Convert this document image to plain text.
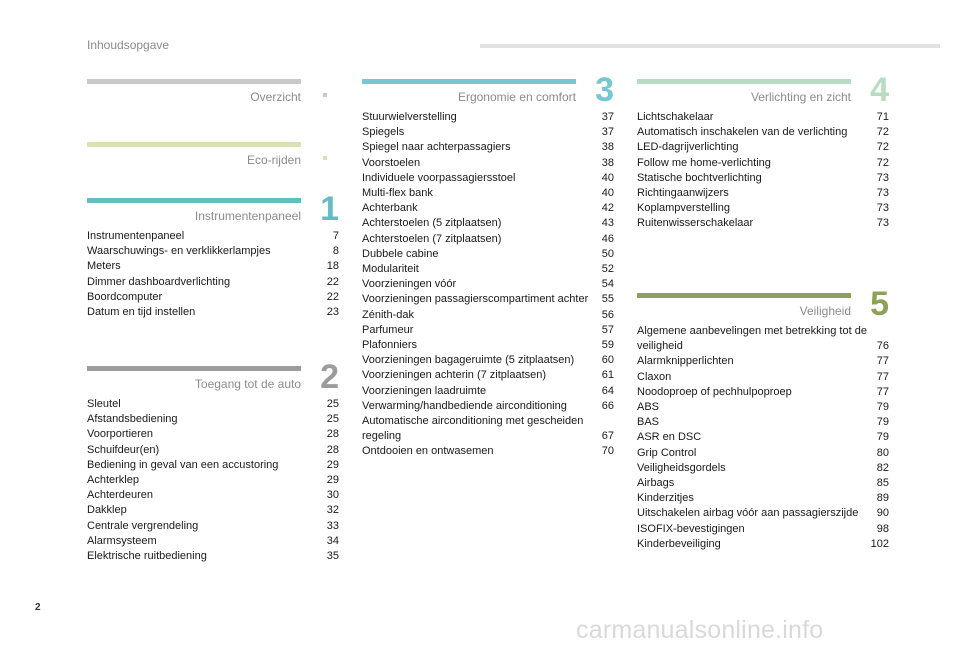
Inhoudsopgave
Overzicht
Eco-rijden
Instrumentenpaneel 1
Instrumentenpaneel	7
Waarschuwings- en verklikkerlampjes	8
Meters	18
Dimmer dashboardverlichting	22
Boordcomputer	22
Datum en tijd instellen	23
Toegang tot de auto 2
Sleutel	25
Afstandsbediening	25
Voorportieren	28
Schuifdeur(en)	28
Bediening in geval van een accustoring	29
Achterklep	29
Achterdeuren	30
Dakklep	32
Centrale vergrendeling	33
Alarmsysteem	34
Elektrische ruitbediening	35
Ergonomie en comfort 3
Stuurwielverstelling	37
Spiegels	37
Spiegel naar achterpassagiers	38
Voorstoelen	38
Individuele voorpassagiersstoel	40
Multi-flex bank	40
Achterbank	42
Achterstoelen (5 zitplaatsen)	43
Achterstoelen (7 zitplaatsen)	46
Dubbele cabine	50
Modulariteit	52
Voorzieningen vóór	54
Voorzieningen passagierscompartiment achter	55
Zénith-dak	56
Parfumeur	57
Plafonniers	59
Voorzieningen bagageruimte (5 zitplaatsen)	60
Voorzieningen achterin (7 zitplaatsen)	61
Voorzieningen laadruimte	64
Verwarming/handbediende airconditioning	66
Automatische airconditioning met gescheiden regeling	67
Ontdooien en ontwasemen	70
Verlichting en zicht 4
Lichtschakelaar	71
Automatisch inschakelen van de verlichting	72
LED-dagrijverlichting	72
Follow me home-verlichting	72
Statische bochtverlichting	73
Richtingaanwijzers	73
Koplampverstelling	73
Ruitenwisserschakelaar	73
Veiligheid 5
Algemene aanbevelingen met betrekking tot de veiligheid	76
Alarmknipperlichten	77
Claxon	77
Noodoproep of pechhulpoproep	77
ABS	79
BAS	79
ASR en DSC	79
Grip Control	80
Veiligheidsgordels	82
Airbags	85
Kinderzitjes	89
Uitschakelen airbag vóór aan passagierszijde	90
ISOFIX-bevestigingen	98
Kinderbeveiliging	102
2
carmanualsonline.info
